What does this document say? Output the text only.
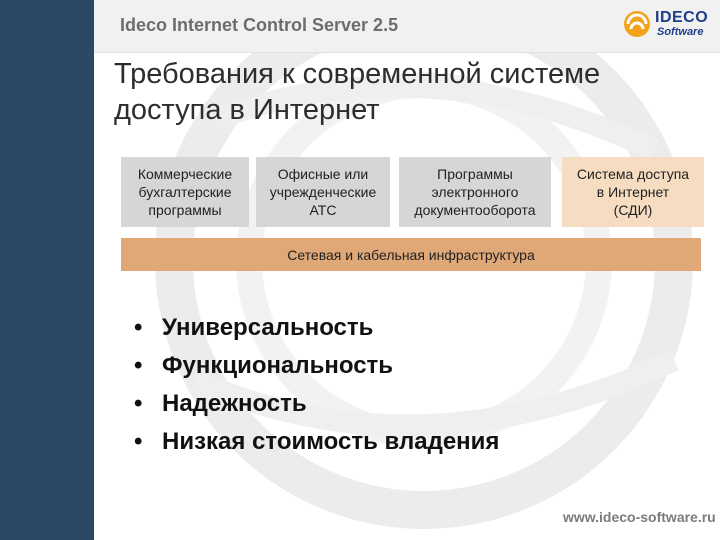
Ideco Internet Control Server 2.5	IDECO
Software
Требования к современной системе
доступа в Интернет
Коммерческие
бухгалтерские
программы
Офисные или
учрежденческие
АТС
Программы
электронного
документооборота
Система доступа
в Интернет
(СДИ)
Сетевая и кабельная инфраструктура
• Универсальность
• Функциональность
• Надежность
• Низкая стоимость владения
www.ideco-software.ru
